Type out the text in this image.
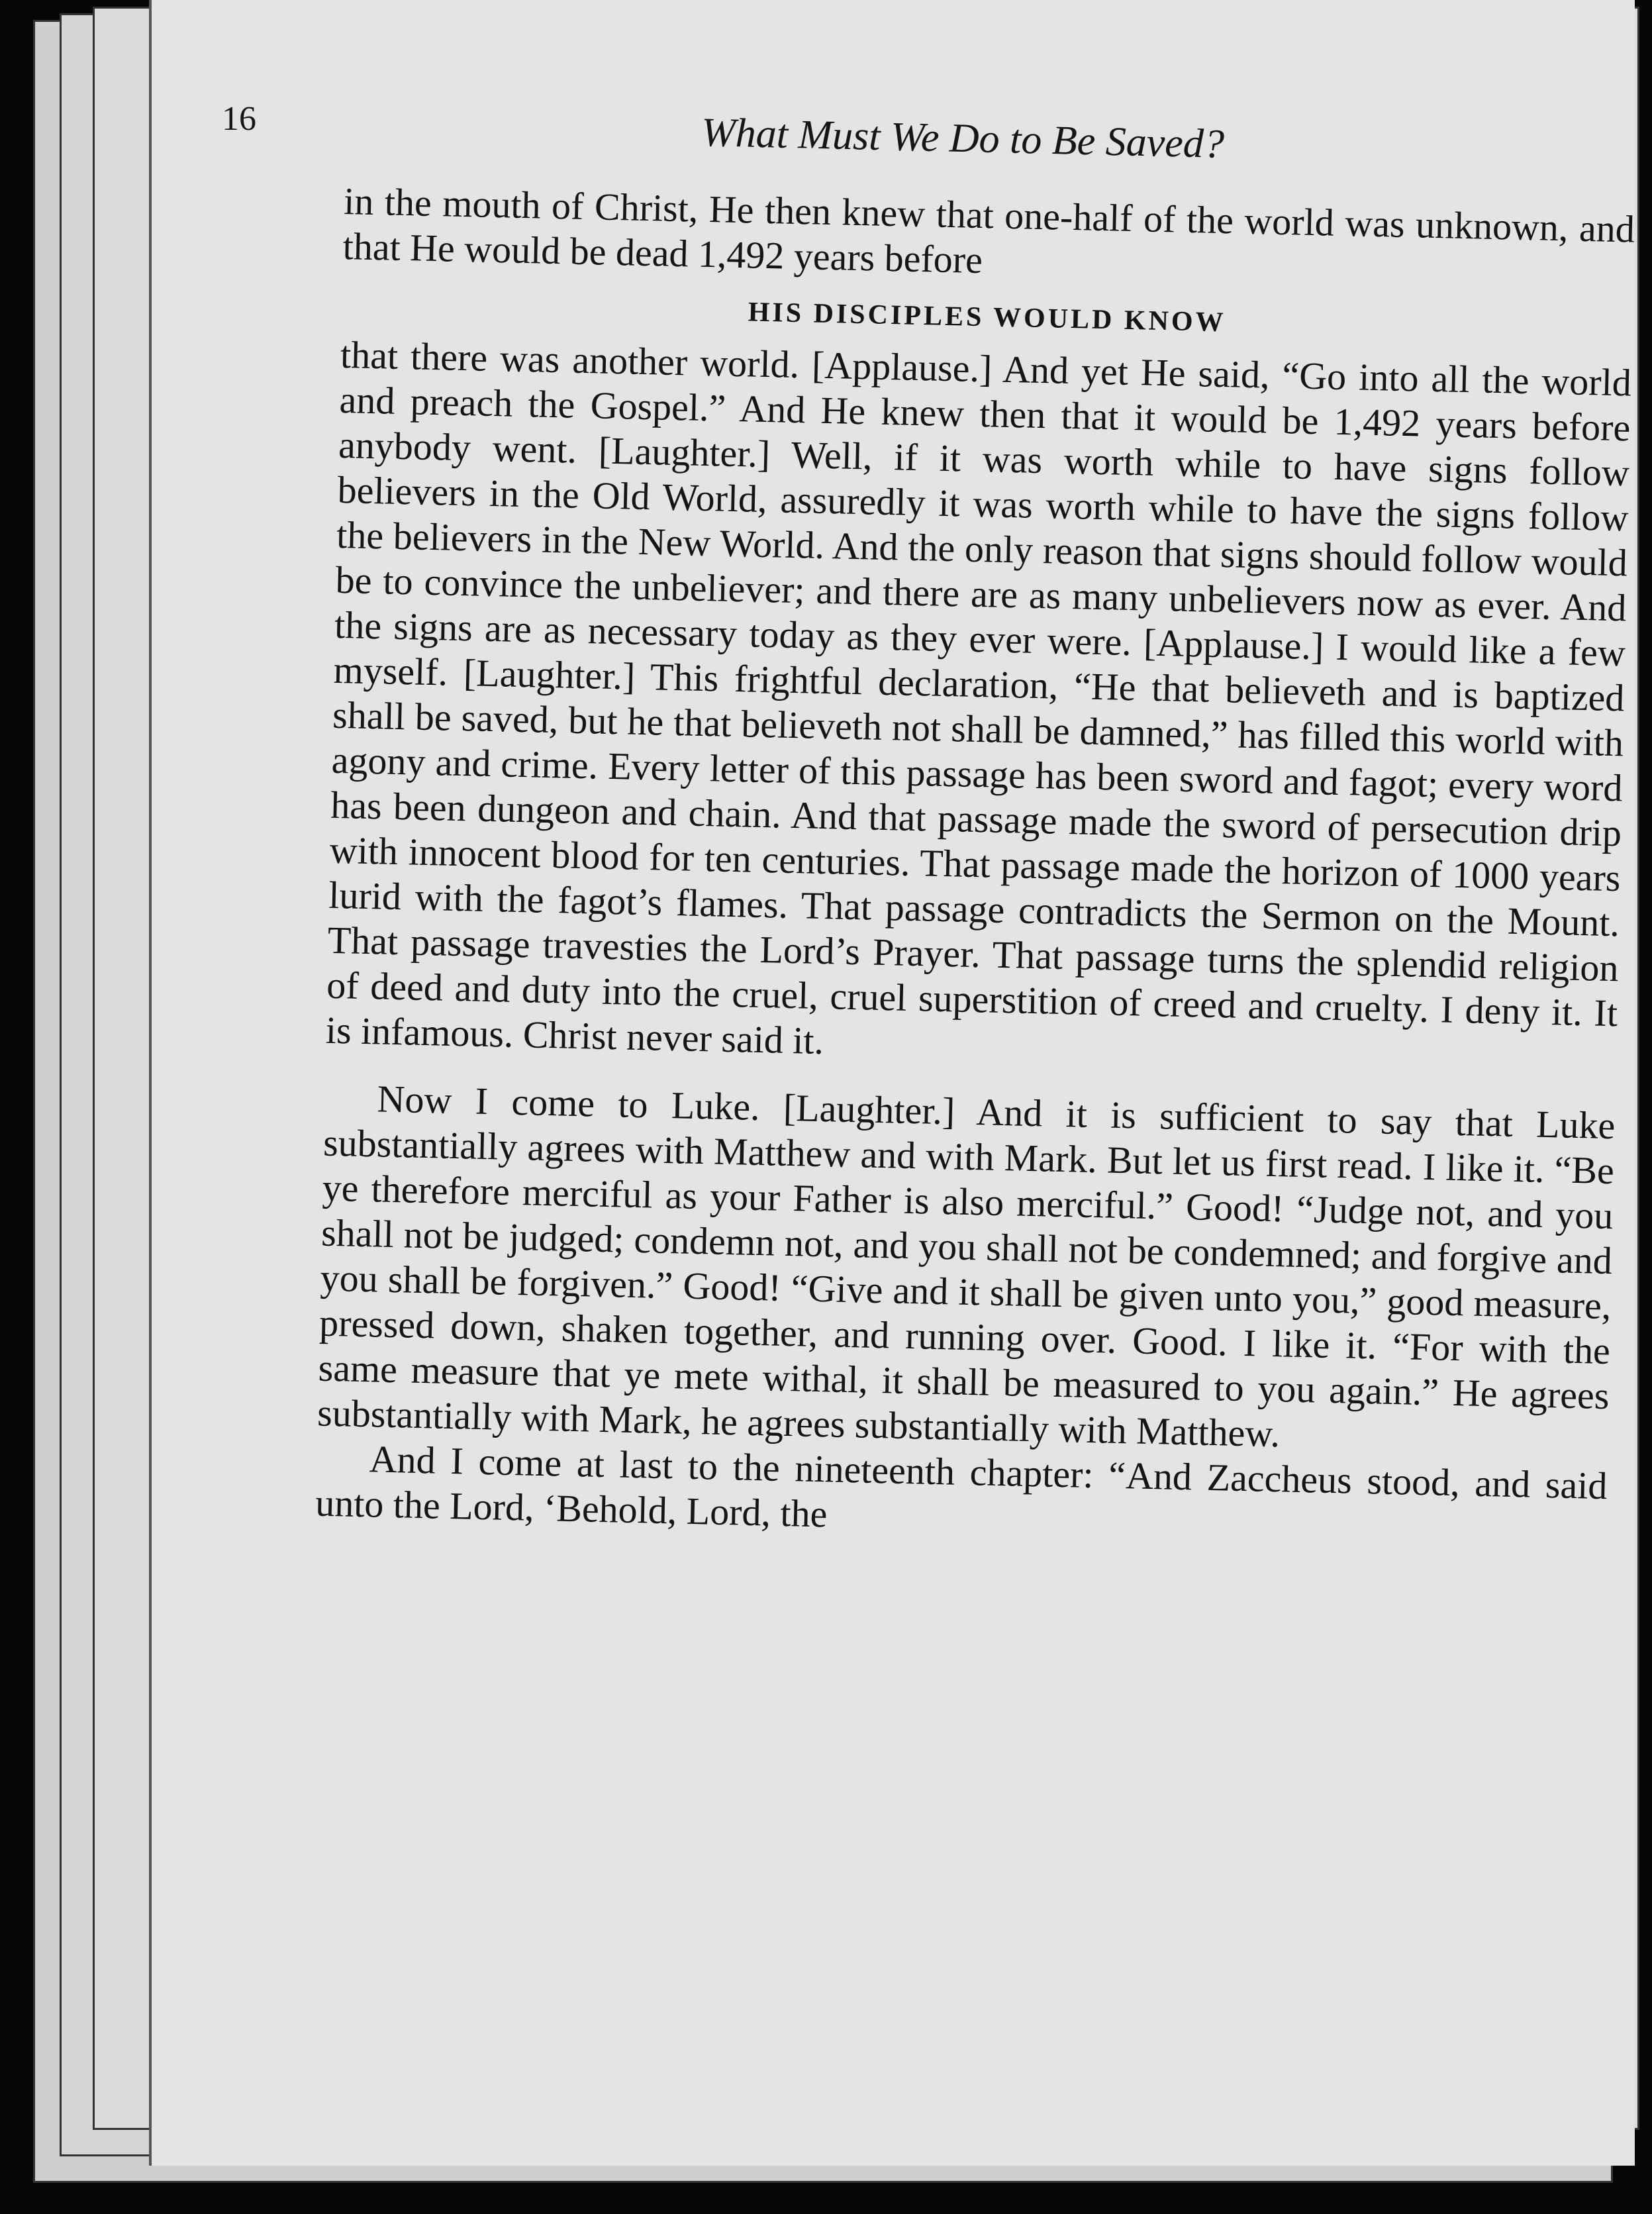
16	What Must We Do to Be Saved?

in the mouth of Christ, He then knew that one-half of the world was unknown, and that He would be dead 1,492 years before

HIS DISCIPLES WOULD KNOW

that there was another world. [Applause.] And yet He said, “Go into all the world and preach the Gospel.” And He knew then that it would be 1,492 years before anybody went. [Laughter.] Well, if it was worth while to have signs follow believers in the Old World, assuredly it was worth while to have the signs follow the believers in the New World. And the only reason that signs should follow would be to convince the unbeliever; and there are as many unbelievers now as ever. And the signs are as necessary today as they ever were. [Applause.] I would like a few myself. [Laughter.] This frightful declaration, “He that believeth and is baptized shall be saved, but he that believeth not shall be damned,” has filled this world with agony and crime. Every letter of this passage has been sword and fagot; every word has been dungeon and chain. And that passage made the sword of persecution drip with innocent blood for ten centuries. That passage made the horizon of 1000 years lurid with the fagot’s flames. That passage contradicts the Sermon on the Mount. That passage travesties the Lord’s Prayer. That passage turns the splendid religion of deed and duty into the cruel, cruel superstition of creed and cruelty. I deny it. It is infamous. Christ never said it.

Now I come to Luke. [Laughter.] And it is sufficient to say that Luke substantially agrees with Matthew and with Mark. But let us first read. I like it. “Be ye therefore merciful as your Father is also merciful.” Good! “Judge not, and you shall not be judged; condemn not, and you shall not be condemned; and forgive and you shall be forgiven.” Good! “Give and it shall be given unto you,” good measure, pressed down, shaken together, and running over. Good. I like it. “For with the same measure that ye mete withal, it shall be measured to you again.” He agrees substantially with Mark, he agrees substantially with Matthew.

And I come at last to the nineteenth chapter: “And Zaccheus stood, and said unto the Lord, ‘Behold, Lord, the
